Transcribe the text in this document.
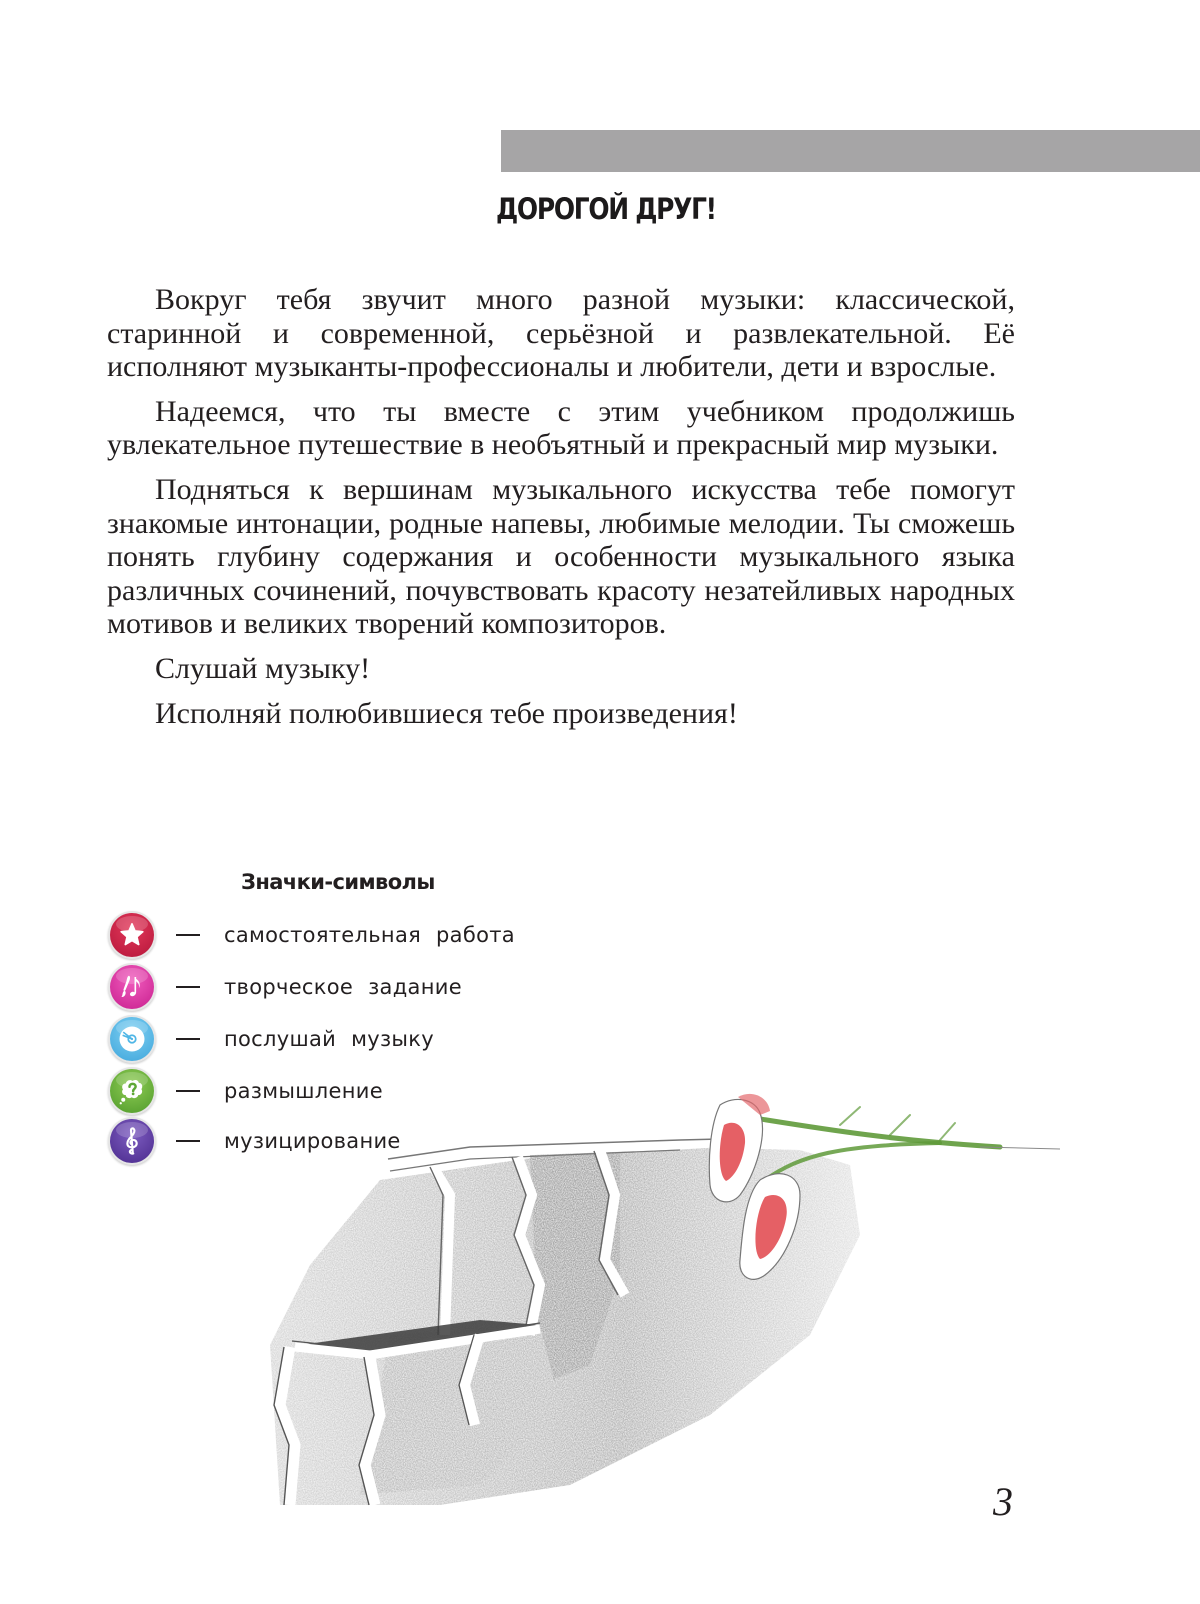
ДОРОГОЙ ДРУГ!

Вокруг тебя звучит много разной музыки: классической, старинной и современной, серьёзной и развлекательной. Её исполняют музыканты-профессионалы и любители, дети и взрослые.

Надеемся, что ты вместе с этим учебником продолжишь увлекательное путешествие в необъятный и прекрасный мир музыки.

Подняться к вершинам музыкального искусства тебе помогут знакомые интонации, родные напевы, любимые мелодии. Ты сможешь понять глубину содержания и особенности музыкального языка различных сочинений, почувствовать красоту незатейливых народных мотивов и великих творений композиторов.

Слушай музыку!

Исполняй полюбившиеся тебе произведения!

Значки-символы
самостоятельная работа
творческое задание
послушай музыку
размышление
музицирование
3
